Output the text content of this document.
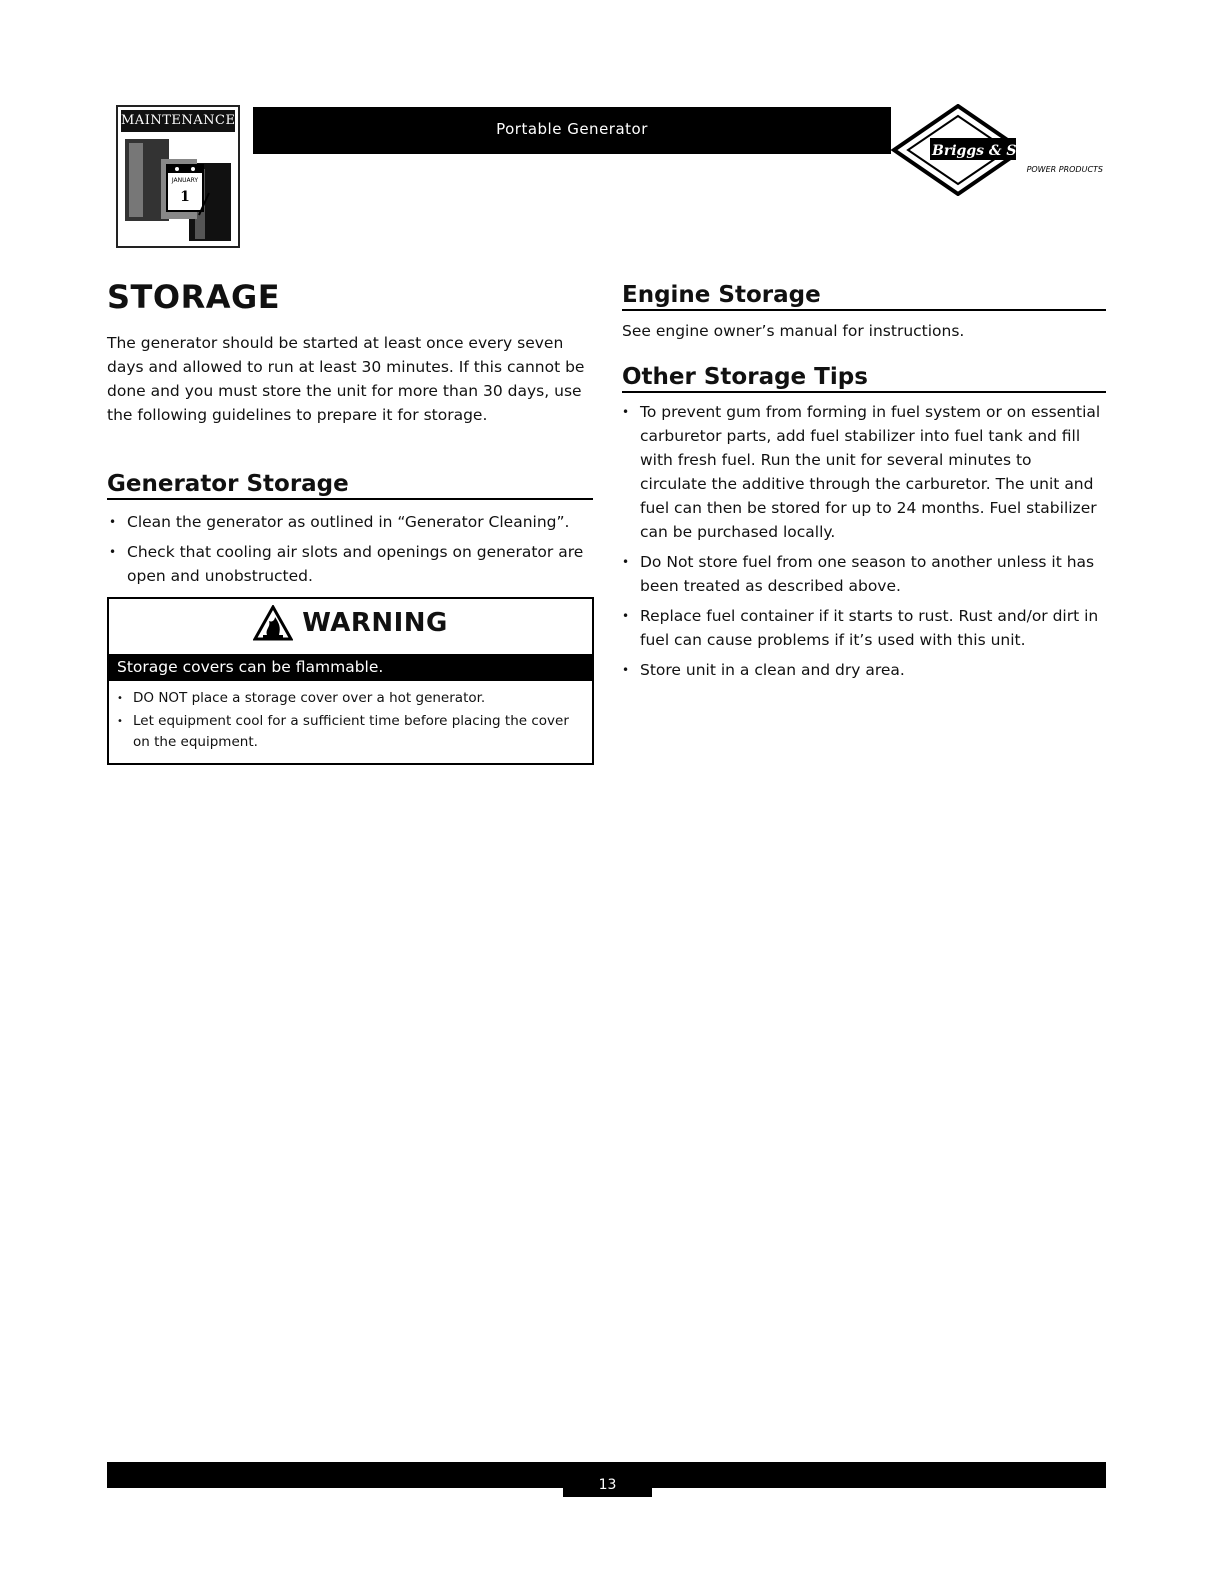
MAINTENANCE
JANUARY
1
Portable Generator
Briggs & Stratton
POWER PRODUCTS
STORAGE
The generator should be started at least once every seven days and allowed to run at least 30 minutes. If this cannot be done and you must store the unit for more than 30 days, use the following guidelines to prepare it for storage.
Generator Storage
• Clean the generator as outlined in “Generator Cleaning”.
• Check that cooling air slots and openings on generator are open and unobstructed.
WARNING
Storage covers can be flammable.
• DO NOT place a storage cover over a hot generator.
• Let equipment cool for a sufficient time before placing the cover on the equipment.
Engine Storage
See engine owner’s manual for instructions.
Other Storage Tips
• To prevent gum from forming in fuel system or on essential carburetor parts, add fuel stabilizer into fuel tank and fill with fresh fuel. Run the unit for several minutes to circulate the additive through the carburetor. The unit and fuel can then be stored for up to 24 months. Fuel stabilizer can be purchased locally.
• Do Not store fuel from one season to another unless it has been treated as described above.
• Replace fuel container if it starts to rust. Rust and/or dirt in fuel can cause problems if it’s used with this unit.
• Store unit in a clean and dry area.
13
